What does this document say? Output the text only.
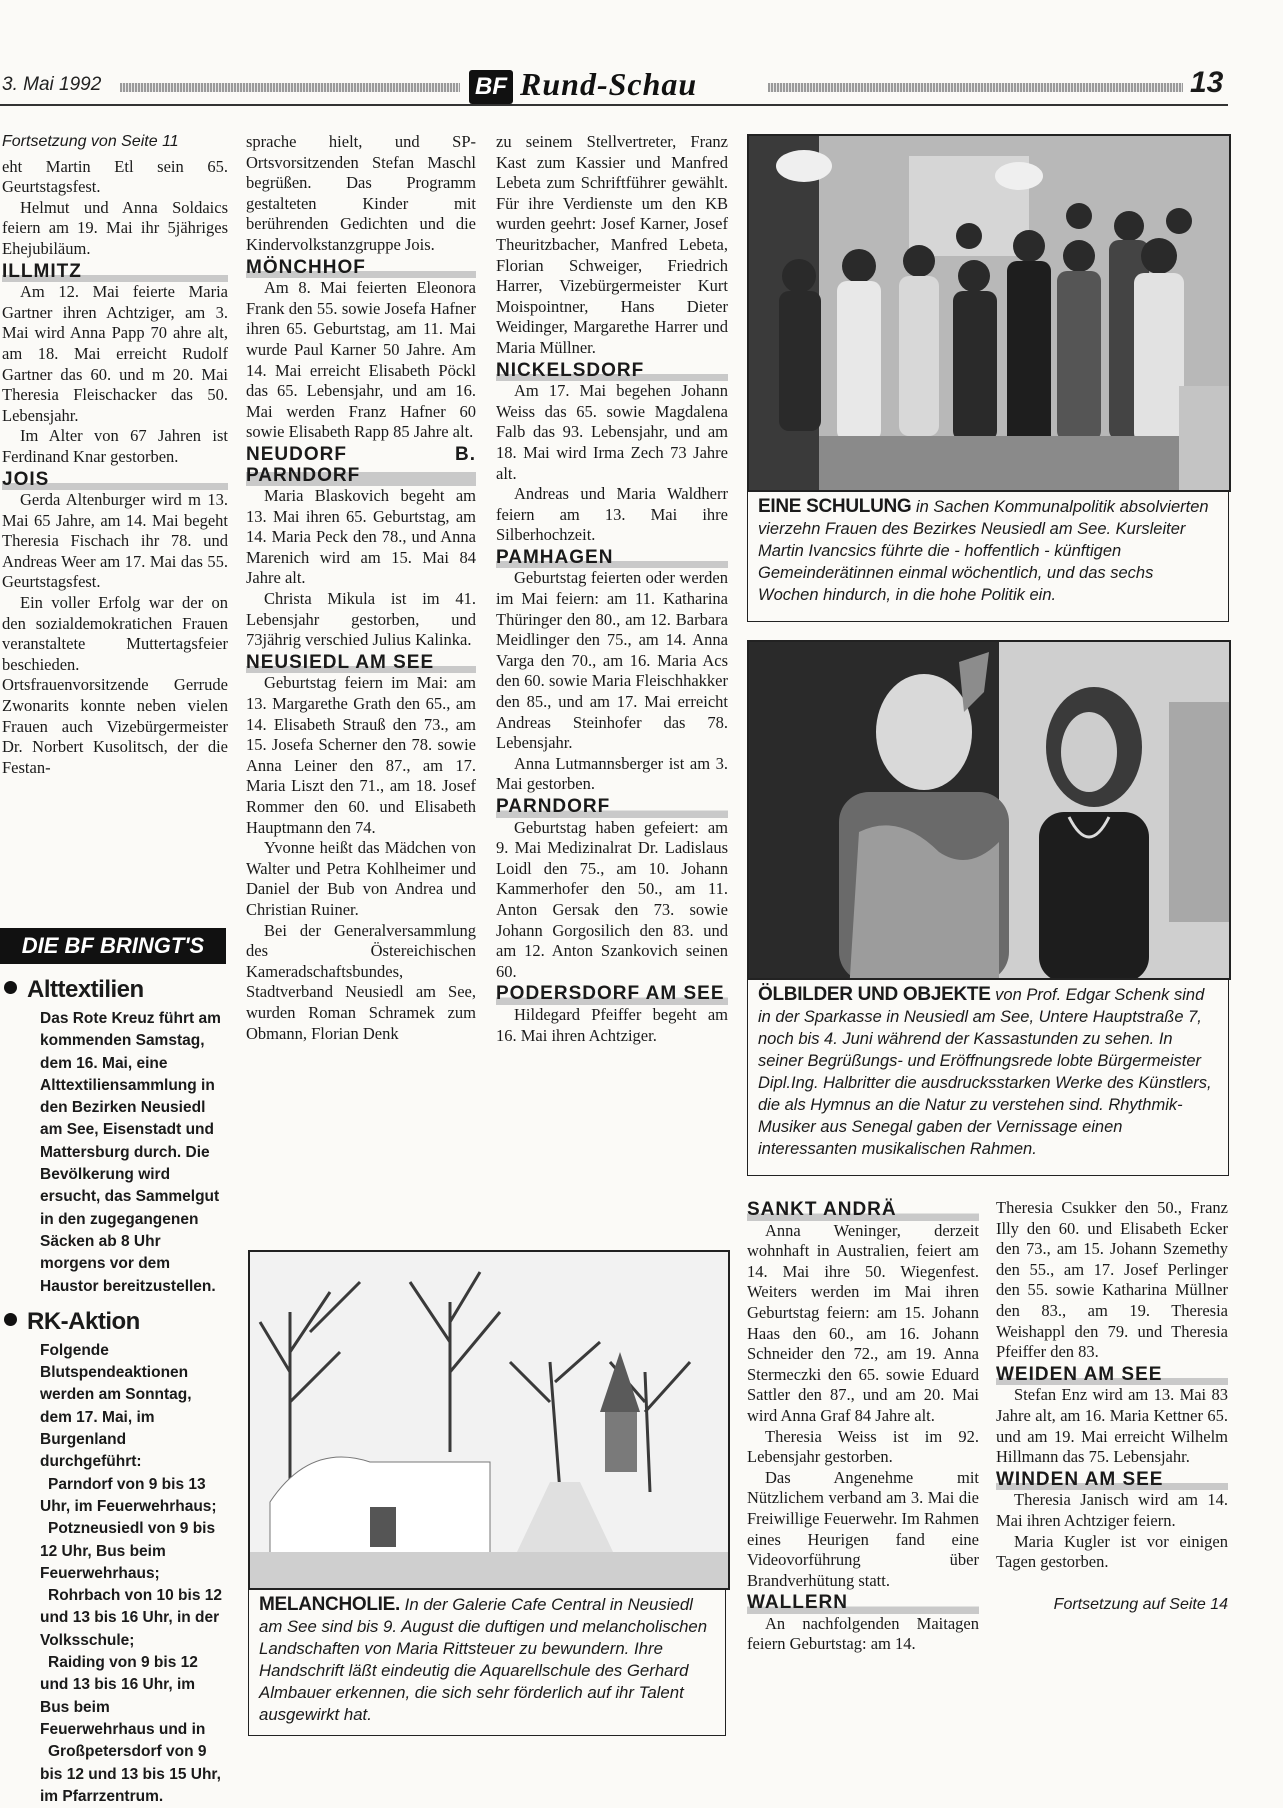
3. Mai 1992	BF Rund-Schau	13

Fortsetzung von Seite 11

eht Martin Etl sein 65. Geurtstagsfest.

Helmut und Anna Soldaics feiern am 19. Mai ihr 5jähriges Ehejubiläum.

ILLMITZ

Am 12. Mai feierte Maria Gartner ihren Achtziger, am 3. Mai wird Anna Papp 70 ahre alt, am 18. Mai erreicht Rudolf Gartner das 60. und m 20. Mai Theresia Fleischacker das 50. Lebensjahr.

Im Alter von 67 Jahren ist Ferdinand Knar gestorben.

JOIS

Gerda Altenburger wird m 13. Mai 65 Jahre, am 14. Mai begeht Theresia Fischach ihr 78. und Andreas Weer am 17. Mai das 55. Geurtstagsfest.

Ein voller Erfolg war der on den sozialdemokratichen Frauen veranstaltete Muttertagsfeier beschieden. Ortsfrauenvorsitzende Gerrude Zwonarits konnte neben vielen Frauen auch Vizebürgermeister Dr. Norbert Kusolitsch, der die Festan-

DIE BF BRINGT'S
Alttextilien

Das Rote Kreuz führt am kommenden Samstag, dem 16. Mai, eine Alttextiliensammlung in den Bezirken Neusiedl am See, Eisenstadt und Mattersburg durch. Die Bevölkerung wird ersucht, das Sammelgut in den zugegangenen Säcken ab 8 Uhr morgens vor dem Haustor bereitzustellen.

RK-Aktion

Folgende Blutspendeaktionen werden am Sonntag, dem 17. Mai, im Burgenland durchgeführt:

Parndorf von 9 bis 13 Uhr, im Feuerwehrhaus;

Potzneusiedl von 9 bis 12 Uhr, Bus beim Feuerwehrhaus;

Rohrbach von 10 bis 12 und 13 bis 16 Uhr, in der Volksschule;

Raiding von 9 bis 12 und 13 bis 16 Uhr, im Bus beim Feuerwehrhaus und in

Großpetersdorf von 9 bis 12 und 13 bis 15 Uhr, im Pfarrzentrum.

sprache hielt, und SP-Ortsvorsitzenden Stefan Maschl begrüßen. Das Programm gestalteten Kinder mit berührenden Gedichten und die Kindervolkstanzgruppe Jois.

MÖNCHHOF

Am 8. Mai feierten Eleonora Frank den 55. sowie Josefa Hafner ihren 65. Geburtstag, am 11. Mai wurde Paul Karner 50 Jahre. Am 14. Mai erreicht Elisabeth Pöckl das 65. Lebensjahr, und am 16. Mai werden Franz Hafner 60 sowie Elisabeth Rapp 85 Jahre alt.

NEUDORF B. PARNDORF

Maria Blaskovich begeht am 13. Mai ihren 65. Geburtstag, am 14. Maria Peck den 78., und Anna Marenich wird am 15. Mai 84 Jahre alt.

Christa Mikula ist im 41. Lebensjahr gestorben, und 73jährig verschied Julius Kalinka.

NEUSIEDL AM SEE

Geburtstag feiern im Mai: am 13. Margarethe Grath den 65., am 14. Elisabeth Strauß den 73., am 15. Josefa Scherner den 78. sowie Anna Leiner den 87., am 17. Maria Liszt den 71., am 18. Josef Rommer den 60. und Elisabeth Hauptmann den 74.

Yvonne heißt das Mädchen von Walter und Petra Kohlheimer und Daniel der Bub von Andrea und Christian Ruiner.

Bei der Generalversammlung des Östereichischen Kameradschaftsbundes, Stadtverband Neusiedl am See, wurden Roman Schramek zum Obmann, Florian Denk

zu seinem Stellvertreter, Franz Kast zum Kassier und Manfred Lebeta zum Schriftführer gewählt. Für ihre Verdienste um den KB wurden geehrt: Josef Karner, Josef Theuritzbacher, Manfred Lebeta, Florian Schweiger, Friedrich Harrer, Vizebürgermeister Kurt Moispointner, Hans Dieter Weidinger, Margarethe Harrer und Maria Müllner.

NICKELSDORF

Am 17. Mai begehen Johann Weiss das 65. sowie Magdalena Falb das 93. Lebensjahr, und am 18. Mai wird Irma Zech 73 Jahre alt.

Andreas und Maria Waldherr feiern am 13. Mai ihre Silberhochzeit.

PAMHAGEN

Geburtstag feierten oder werden im Mai feiern: am 11. Katharina Thüringer den 80., am 12. Barbara Meidlinger den 75., am 14. Anna Varga den 70., am 16. Maria Acs den 60. sowie Maria Fleischhakker den 85., und am 17. Mai erreicht Andreas Steinhofer das 78. Lebensjahr.

Anna Lutmannsberger ist am 3. Mai gestorben.

PARNDORF

Geburtstag haben gefeiert: am 9. Mai Medizinalrat Dr. Ladislaus Loidl den 75., am 10. Johann Kammerhofer den 50., am 11. Anton Gersak den 73. sowie Johann Gorgosilich den 83. und am 12. Anton Szankovich seinen 60.

PODERSDORF AM SEE

Hildegard Pfeiffer begeht am 16. Mai ihren Achtziger.

EINE SCHULUNG in Sachen Kommunalpolitik absolvierten vierzehn Frauen des Bezirkes Neusiedl am See. Kursleiter Martin Ivancsics führte die - hoffentlich - künftigen Gemeinderätinnen einmal wöchentlich, und das sechs Wochen hindurch, in die hohe Politik ein.
ÖLBILDER UND OBJEKTE von Prof. Edgar Schenk sind in der Sparkasse in Neusiedl am See, Untere Hauptstraße 7, noch bis 4. Juni während der Kassastunden zu sehen. In seiner Begrüßungs- und Eröffnungsrede lobte Bürgermeister Dipl.Ing. Halbritter die ausdrucksstarken Werke des Künstlers, die als Hymnus an die Natur zu verstehen sind. Rhythmik-Musiker aus Senegal gaben der Vernissage einen interessanten musikalischen Rahmen.
MELANCHOLIE. In der Galerie Cafe Central in Neusiedl am See sind bis 9. August die duftigen und melancholischen Landschaften von Maria Rittsteuer zu bewundern. Ihre Handschrift läßt eindeutig die Aquarellschule des Gerhard Almbauer erkennen, die sich sehr förderlich auf ihr Talent ausgewirkt hat.

SANKT ANDRÄ

Anna Weninger, derzeit wohnhaft in Australien, feiert am 14. Mai ihre 50. Wiegenfest. Weiters werden im Mai ihren Geburtstag feiern: am 15. Johann Haas den 60., am 16. Johann Schneider den 72., am 19. Anna Stermeczki den 65. sowie Eduard Sattler den 87., und am 20. Mai wird Anna Graf 84 Jahre alt.

Theresia Weiss ist im 92. Lebensjahr gestorben.

Das Angenehme mit Nützlichem verband am 3. Mai die Freiwillige Feuerwehr. Im Rahmen eines Heurigen fand eine Videovorführung über Brandverhütung statt.

WALLERN

An nachfolgenden Maitagen feiern Geburtstag: am 14.

Theresia Csukker den 50., Franz Illy den 60. und Elisabeth Ecker den 73., am 15. Johann Szemethy den 55., am 17. Josef Perlinger den 55. sowie Katharina Müllner den 83., am 19. Theresia Weishappl den 79. und Theresia Pfeiffer den 83.

WEIDEN AM SEE

Stefan Enz wird am 13. Mai 83 Jahre alt, am 16. Maria Kettner 65. und am 19. Mai erreicht Wilhelm Hillmann das 75. Lebensjahr.

WINDEN AM SEE

Theresia Janisch wird am 14. Mai ihren Achtziger feiern.

Maria Kugler ist vor einigen Tagen gestorben.

Fortsetzung auf Seite 14
